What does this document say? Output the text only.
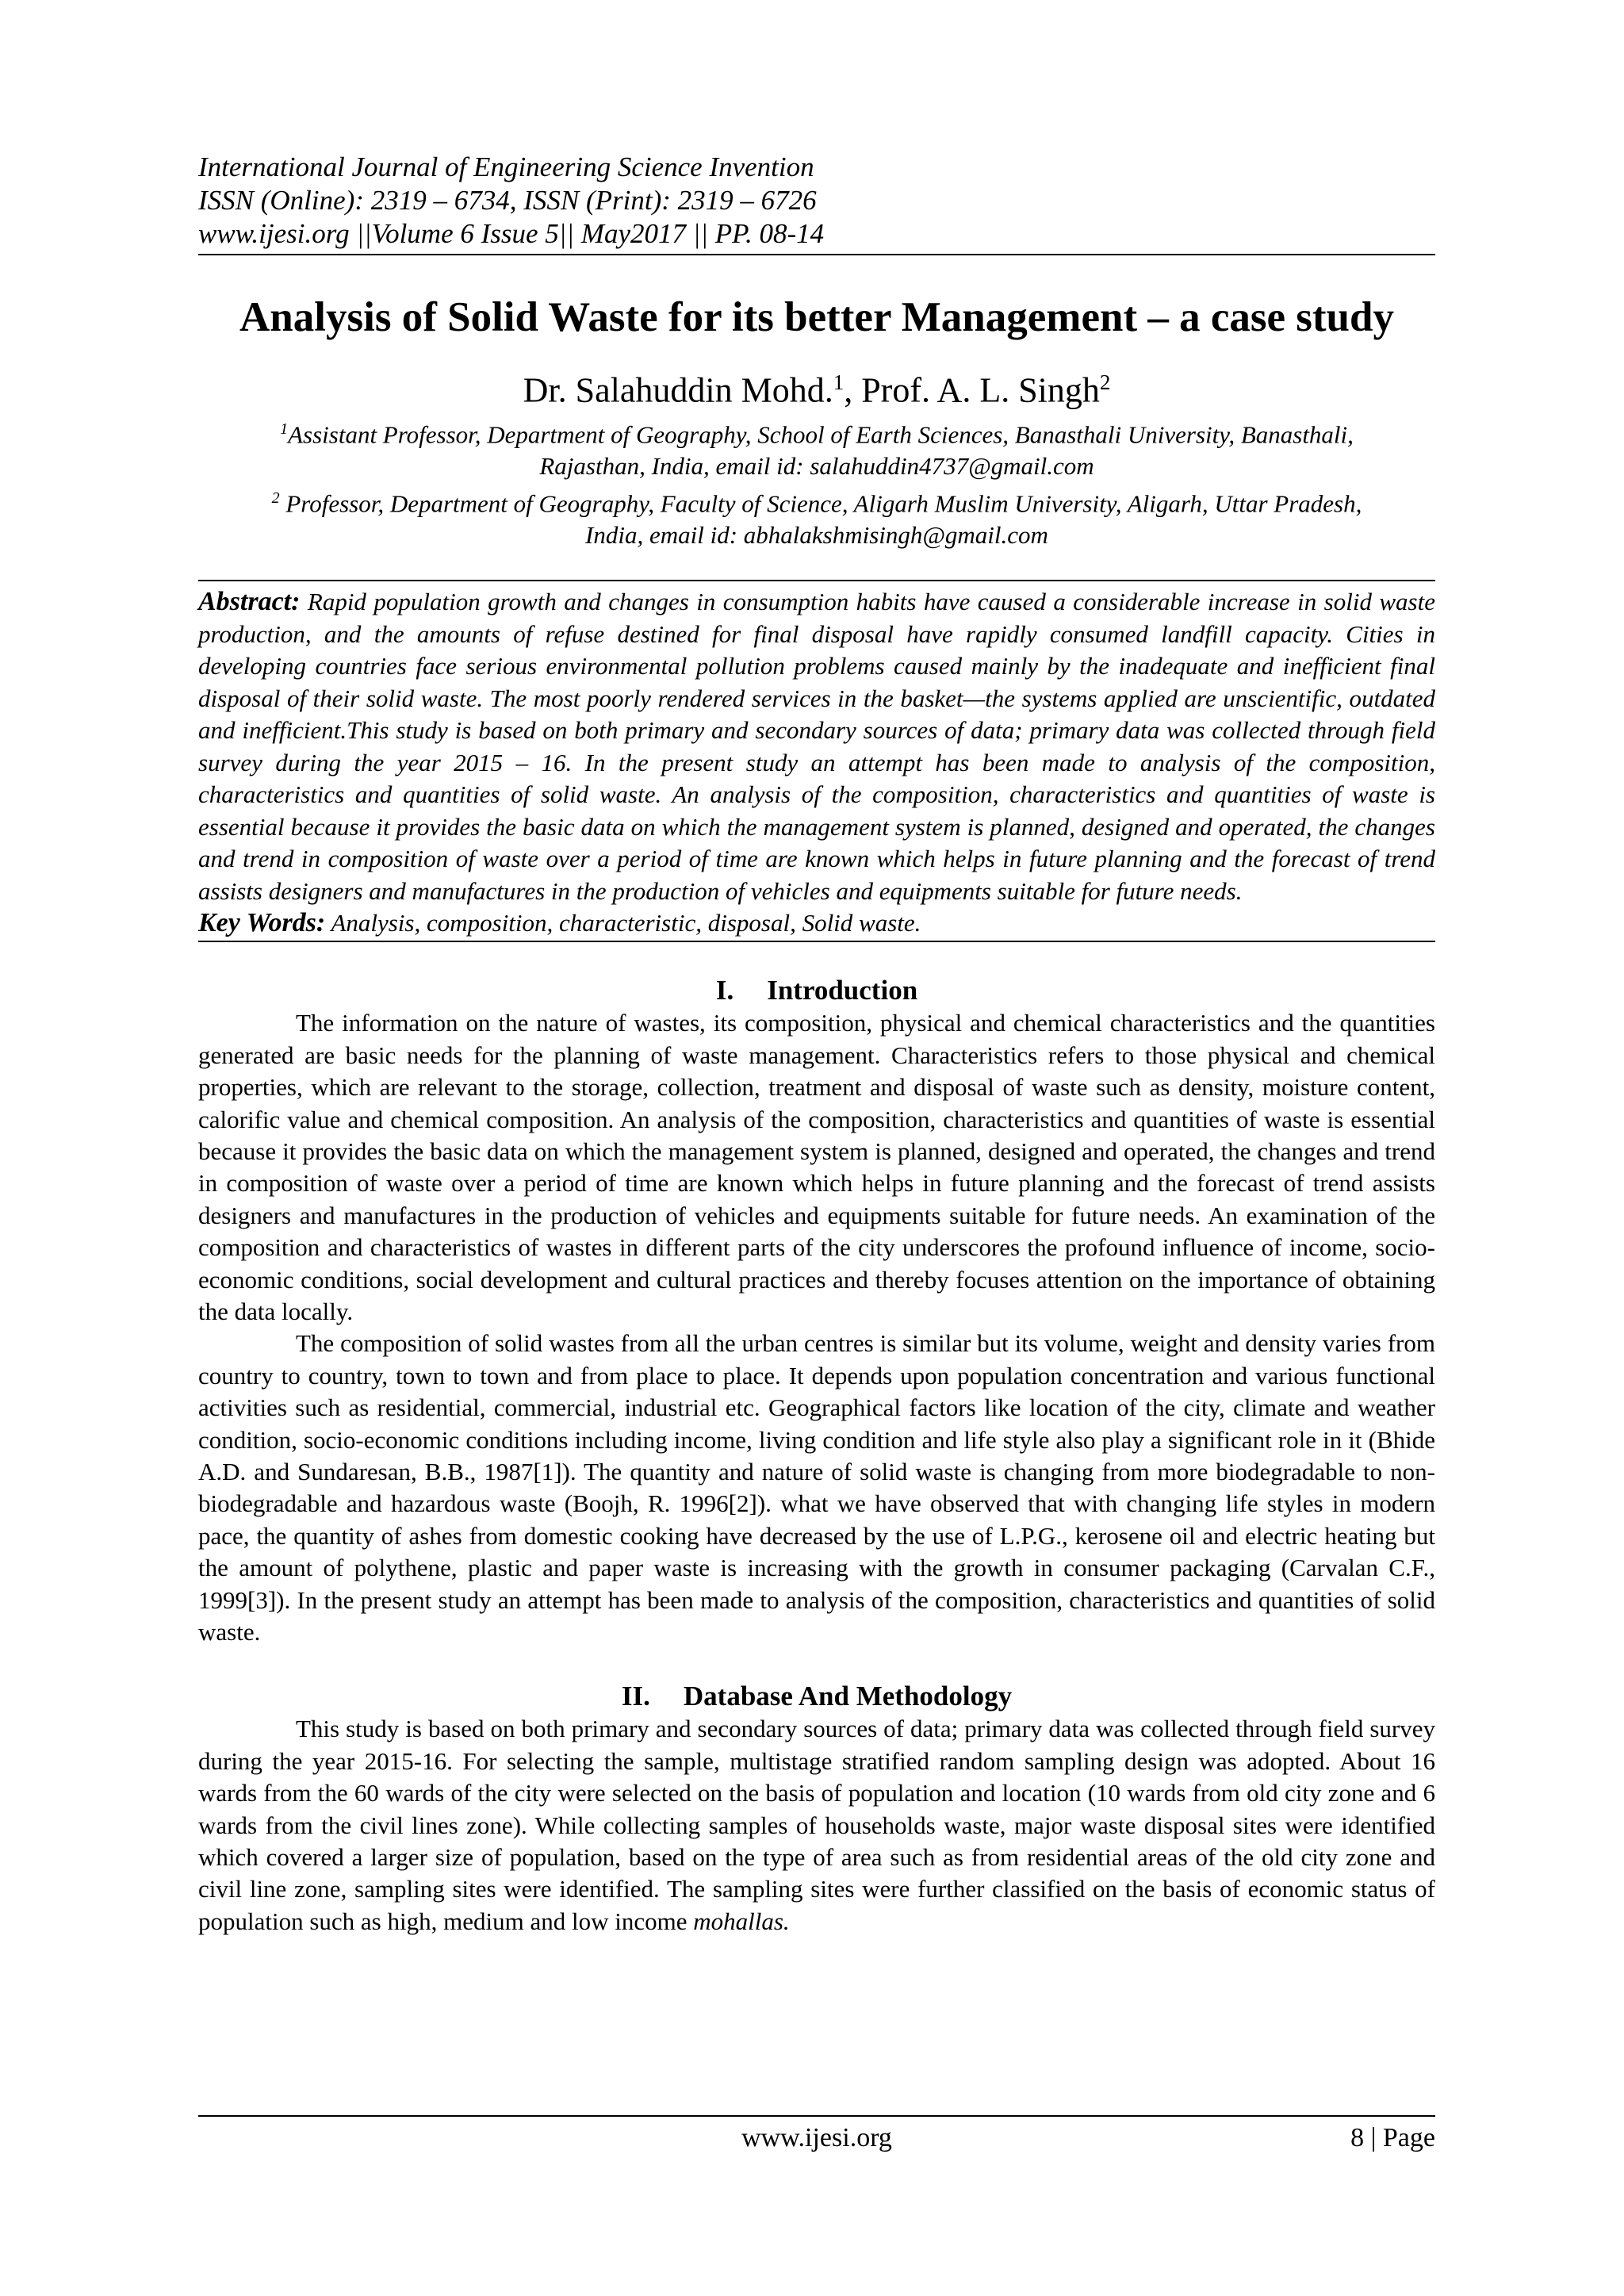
International Journal of Engineering Science Invention
ISSN (Online): 2319 – 6734, ISSN (Print): 2319 – 6726
www.ijesi.org ||Volume 6 Issue 5|| May2017 || PP. 08-14
Analysis of Solid Waste for its better Management – a case study
Dr. Salahuddin Mohd.$^1$, Prof. A. L. Singh$^2$
$^1$Assistant Professor, Department of Geography, School of Earth Sciences, Banasthali University, Banasthali,
Rajasthan, India, email id: salahuddin4737@gmail.com
$^2$ Professor, Department of Geography, Faculty of Science, Aligarh Muslim University, Aligarh, Uttar Pradesh,
India, email id: abhalakshmisingh@gmail.com

Abstract: Rapid population growth and changes in consumption habits have caused a considerable increase in solid waste production, and the amounts of refuse destined for final disposal have rapidly consumed landfill capacity. Cities in developing countries face serious environmental pollution problems caused mainly by the inadequate and inefficient final disposal of their solid waste. The most poorly rendered services in the basket—the systems applied are unscientific, outdated and inefficient.This study is based on both primary and secondary sources of data; primary data was collected through field survey during the year 2015 – 16. In the present study an attempt has been made to analysis of the composition, characteristics and quantities of solid waste. An analysis of the composition, characteristics and quantities of waste is essential because it provides the basic data on which the management system is planned, designed and operated, the changes and trend in composition of waste over a period of time are known which helps in future planning and the forecast of trend assists designers and manufactures in the production of vehicles and equipments suitable for future needs.

Key Words: Analysis, composition, characteristic, disposal, Solid waste.

I. Introduction

The information on the nature of wastes, its composition, physical and chemical characteristics and the quantities generated are basic needs for the planning of waste management. Characteristics refers to those physical and chemical properties, which are relevant to the storage, collection, treatment and disposal of waste such as density, moisture content, calorific value and chemical composition. An analysis of the composition, characteristics and quantities of waste is essential because it provides the basic data on which the management system is planned, designed and operated, the changes and trend in composition of waste over a period of time are known which helps in future planning and the forecast of trend assists designers and manufactures in the production of vehicles and equipments suitable for future needs. An examination of the composition and characteristics of wastes in different parts of the city underscores the profound influence of income, socio-economic conditions, social development and cultural practices and thereby focuses attention on the importance of obtaining the data locally.

The composition of solid wastes from all the urban centres is similar but its volume, weight and density varies from country to country, town to town and from place to place. It depends upon population concentration and various functional activities such as residential, commercial, industrial etc. Geographical factors like location of the city, climate and weather condition, socio-economic conditions including income, living condition and life style also play a significant role in it (Bhide A.D. and Sundaresan, B.B., 1987[1]). The quantity and nature of solid waste is changing from more biodegradable to non-biodegradable and hazardous waste (Boojh, R. 1996[2]). what we have observed that with changing life styles in modern pace, the quantity of ashes from domestic cooking have decreased by the use of L.P.G., kerosene oil and electric heating but the amount of polythene, plastic and paper waste is increasing with the growth in consumer packaging (Carvalan C.F., 1999[3]). In the present study an attempt has been made to analysis of the composition, characteristics and quantities of solid waste.

II. Database And Methodology

This study is based on both primary and secondary sources of data; primary data was collected through field survey during the year 2015-16. For selecting the sample, multistage stratified random sampling design was adopted. About 16 wards from the 60 wards of the city were selected on the basis of population and location (10 wards from old city zone and 6 wards from the civil lines zone). While collecting samples of households waste, major waste disposal sites were identified which covered a larger size of population, based on the type of area such as from residential areas of the old city zone and civil line zone, sampling sites were identified. The sampling sites were further classified on the basis of economic status of population such as high, medium and low income mohallas.

www.ijesi.org	8 | Page
